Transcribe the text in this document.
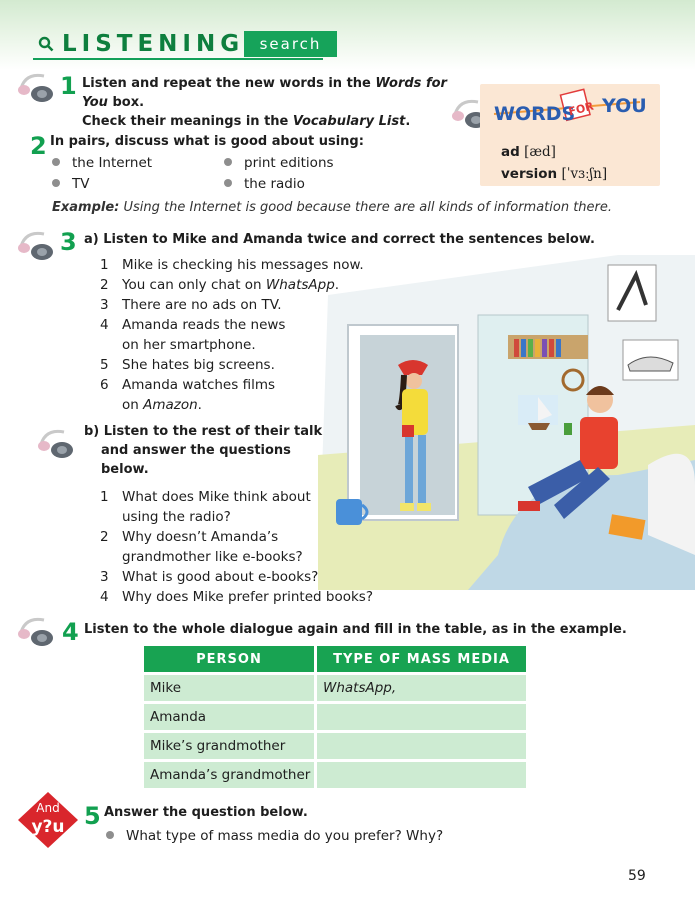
LISTENING	search
1 Listen and repeat the new words in the Words for You box.
Check their meanings in the Vocabulary List.	WORDS
FOR YOU
ad [æd]
version [ˈvɜːʃn]
2 In pairs, discuss what is good about using:
the Internet	print editions
TV	the radio
Example: Using the Internet is good because there are all kinds of information there.
3 a) Listen to Mike and Amanda twice and correct the sentences below.
1 Mike is checking his messages now.
2 You can only chat on WhatsApp.
3 There are no ads on TV.
4 Amanda reads the news
on her smartphone.
5 She hates big screens.
6 Amanda watches films
on Amazon.
b) Listen to the rest of their talk
and answer the questions
below.
1 What does Mike think about
using the radio?
2 Why doesn’t Amanda’s
grandmother like e-books?
3 What is good about e-books?
4 Why does Mike prefer printed books?
4 Listen to the whole dialogue again and fill in the table, as in the example.
PERSON	TYPE OF MASS MEDIA
Mike	WhatsApp,
Amanda	
Mike’s grandmother	
Amanda’s grandmother	
And
y?u 5 Answer the question below.
What type of mass media do you prefer? Why?
59
